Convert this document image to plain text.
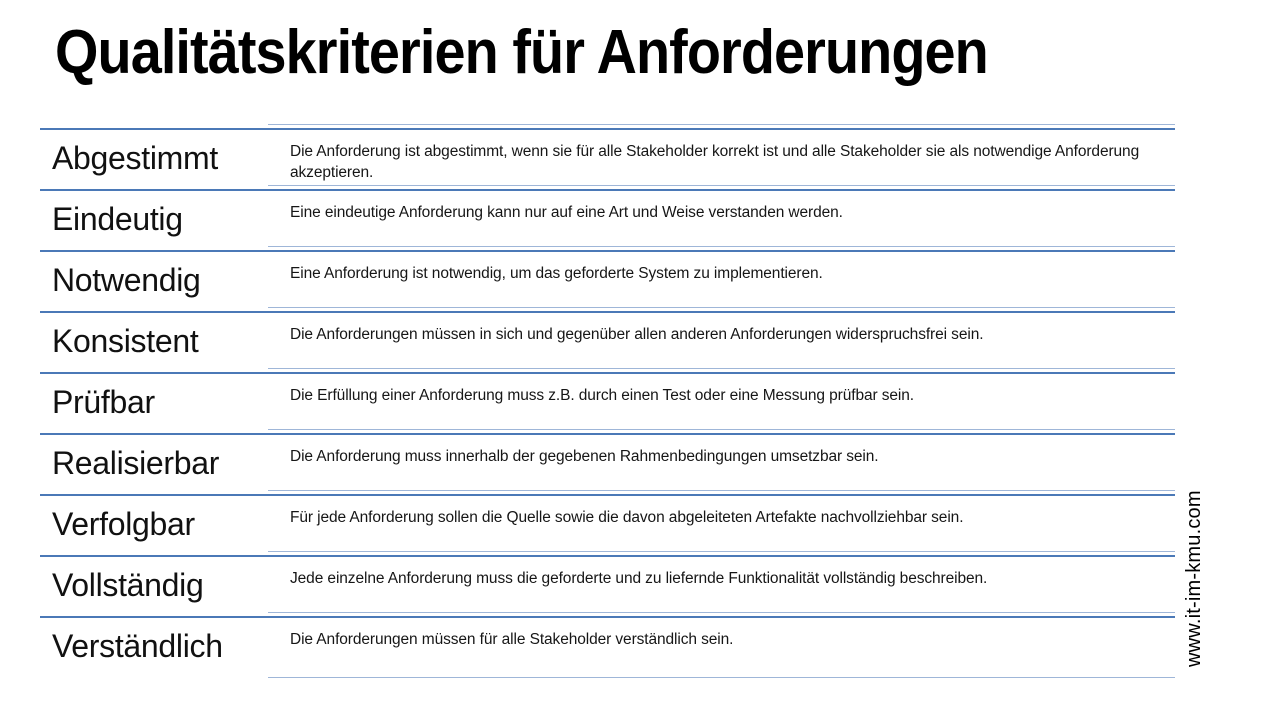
Qualitätskriterien für Anforderungen
Abgestimmt	Die Anforderung ist abgestimmt, wenn sie für alle Stakeholder korrekt ist und alle Stakeholder sie als notwendige Anforderung akzeptieren.
Eindeutig	Eine eindeutige Anforderung kann nur auf eine Art und Weise verstanden werden.
Notwendig	Eine Anforderung ist notwendig, um das geforderte System zu implementieren.
Konsistent	Die Anforderungen müssen in sich und gegenüber allen anderen Anforderungen widerspruchsfrei sein.
Prüfbar	Die Erfüllung einer Anforderung muss z.B. durch einen Test oder eine Messung prüfbar sein.
Realisierbar	Die Anforderung muss innerhalb der gegebenen Rahmenbedingungen umsetzbar sein.
Verfolgbar	Für jede Anforderung sollen die Quelle sowie die davon abgeleiteten Artefakte nachvollziehbar sein.
Vollständig	Jede einzelne Anforderung muss die geforderte und zu liefernde Funktionalität vollständig beschreiben.
Verständlich	Die Anforderungen müssen für alle Stakeholder verständlich sein.	www.it-im-kmu.com
